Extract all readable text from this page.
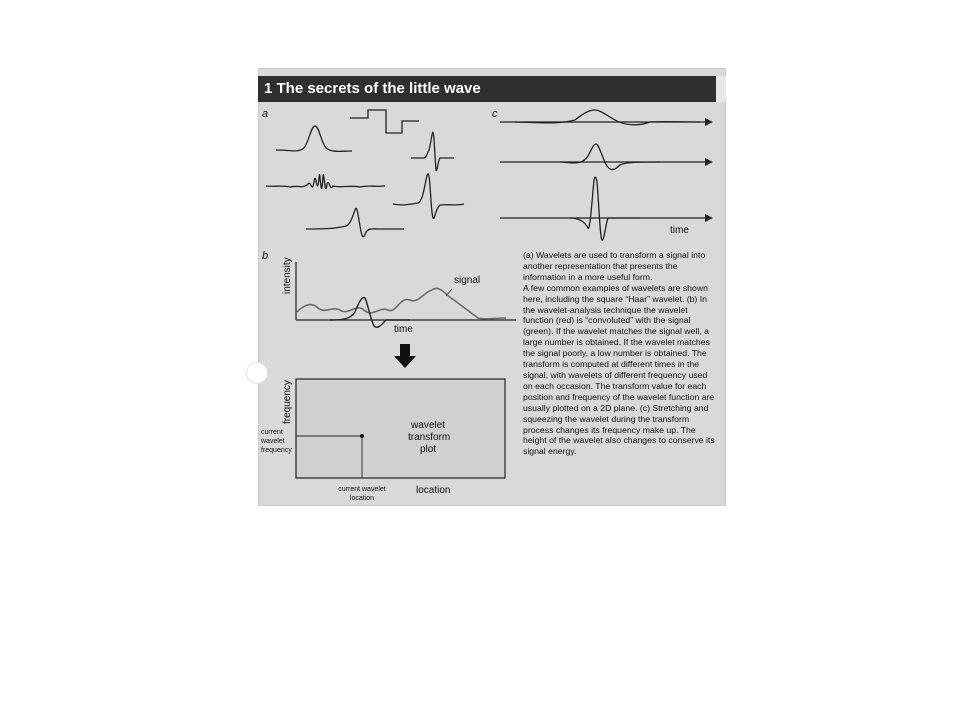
1 The secrets of the little wave
a	c
b
signal
time
intensity
frequency
location
current
wavelet
frequency
current wavelet
location
wavelet
transform
plot
time

(a) Wavelets are used to transform a signal into another representation that presents the information in a more useful form.

A few common examples of wavelets are shown here, including the square “Haar” wavelet. (b) In the wavelet-analysis technique the wavelet function (red) is “convoluted” with the signal (green). If the wavelet matches the signal well, a large number is obtained. If the wavelet matches the signal poorly, a low number is obtained. The transform is computed at different times in the signal, with wavelets of different frequency used on each occasion. The transform value for each position and frequency of the wavelet function are usually plotted on a 2D plane. (c) Stretching and squeezing the wavelet during the transform process changes its frequency make up. The height of the wavelet also changes to conserve its signal energy.
